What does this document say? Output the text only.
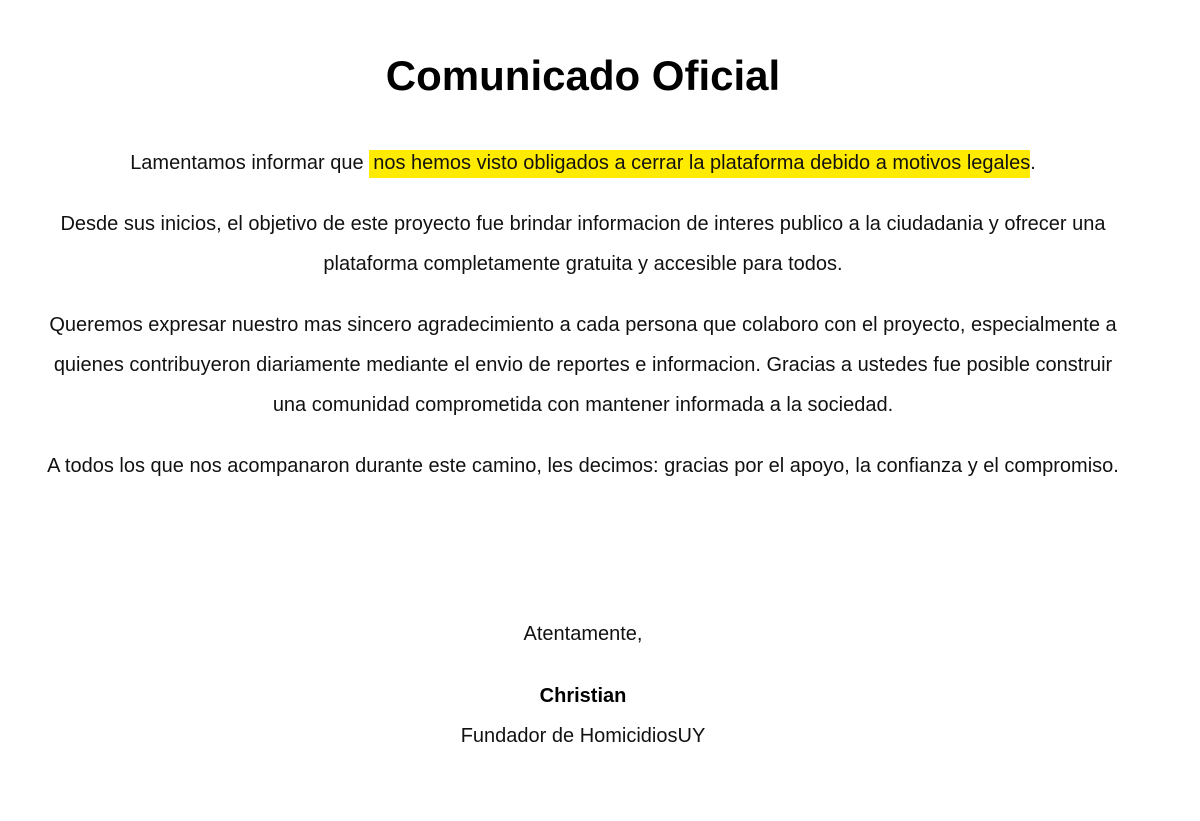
Comunicado Oficial

Lamentamos informar que nos hemos visto obligados a cerrar la plataforma debido a motivos legales.

Desde sus inicios, el objetivo de este proyecto fue brindar informacion de interes publico a la ciudadania y ofrecer una plataforma completamente gratuita y accesible para todos.

Queremos expresar nuestro mas sincero agradecimiento a cada persona que colaboro con el proyecto, especialmente a quienes contribuyeron diariamente mediante el envio de reportes e informacion. Gracias a ustedes fue posible construir una comunidad comprometida con mantener informada a la sociedad.

A todos los que nos acompanaron durante este camino, les decimos: gracias por el apoyo, la confianza y el compromiso.

Atentamente,

Christian

Fundador de HomicidiosUY
